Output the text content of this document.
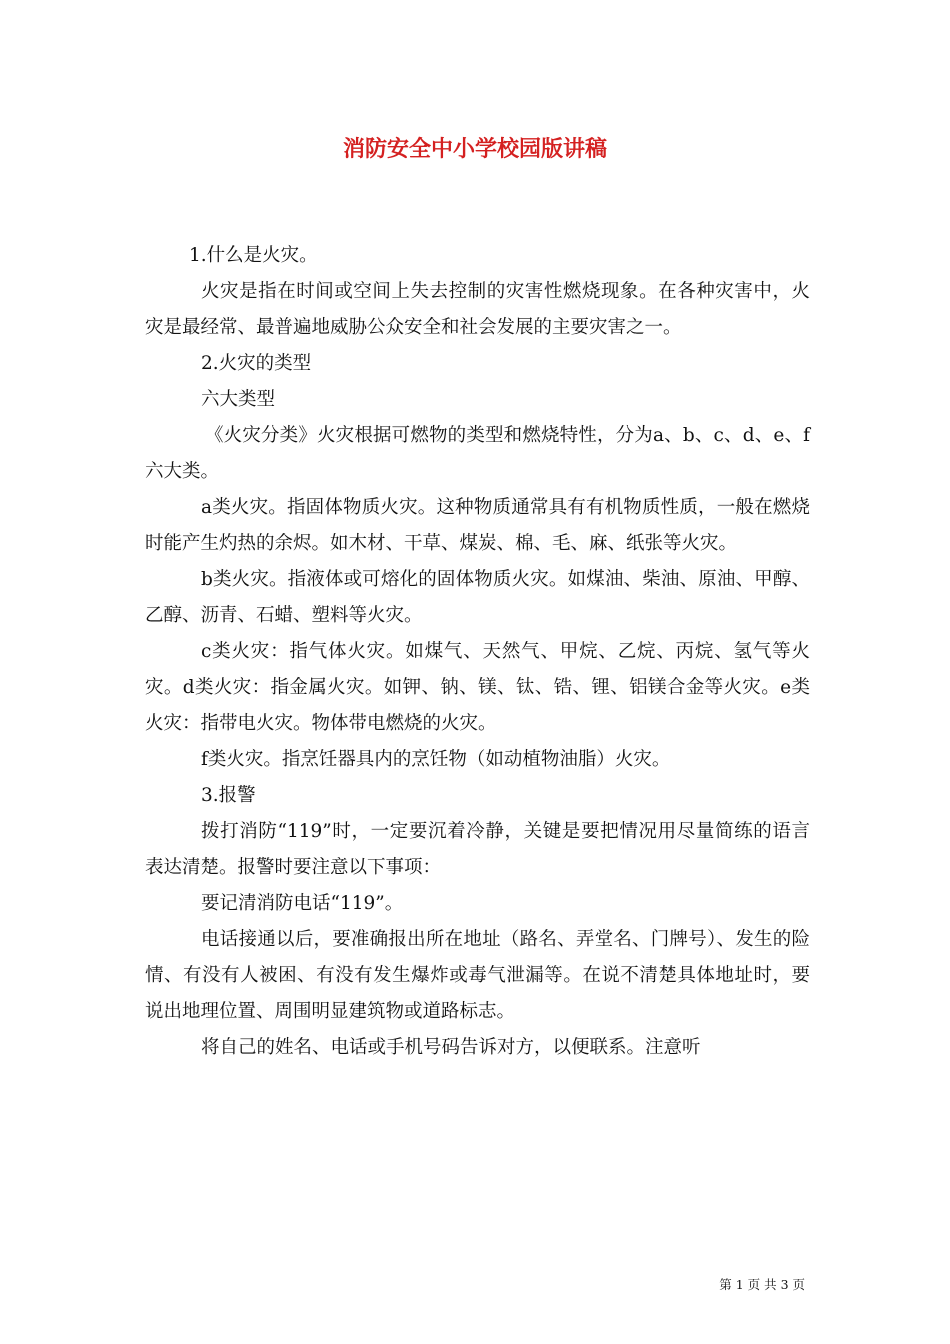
消防安全中小学校园版讲稿

1.什么是火灾。

火灾是指在时间或空间上失去控制的灾害性燃烧现象。在各种灾害中，火灾是最经常、最普遍地威胁公众安全和社会发展的主要灾害之一。

2.火灾的类型

六大类型

《火灾分类》火灾根据可燃物的类型和燃烧特性，分为a、b、c、d、e、f六大类。

a类火灾。指固体物质火灾。这种物质通常具有有机物质性质，一般在燃烧时能产生灼热的余烬。如木材、干草、煤炭、棉、毛、麻、纸张等火灾。

b类火灾。指液体或可熔化的固体物质火灾。如煤油、柴油、原油、甲醇、乙醇、沥青、石蜡、塑料等火灾。

c类火灾：指气体火灾。如煤气、天然气、甲烷、乙烷、丙烷、氢气等火灾。d类火灾：指金属火灾。如钾、钠、镁、钛、锆、锂、铝镁合金等火灾。e类火灾：指带电火灾。物体带电燃烧的火灾。

f类火灾。指烹饪器具内的烹饪物（如动植物油脂）火灾。

3.报警

拨打消防“119”时，一定要沉着冷静，关键是要把情况用尽量简练的语言表达清楚。报警时要注意以下事项：

要记清消防电话“119”。

电话接通以后，要准确报出所在地址（路名、弄堂名、门牌号）、发生的险情、有没有人被困、有没有发生爆炸或毒气泄漏等。在说不清楚具体地址时，要说出地理位置、周围明显建筑物或道路标志。

将自己的姓名、电话或手机号码告诉对方，以便联系。注意听

第 1 页 共 3 页
